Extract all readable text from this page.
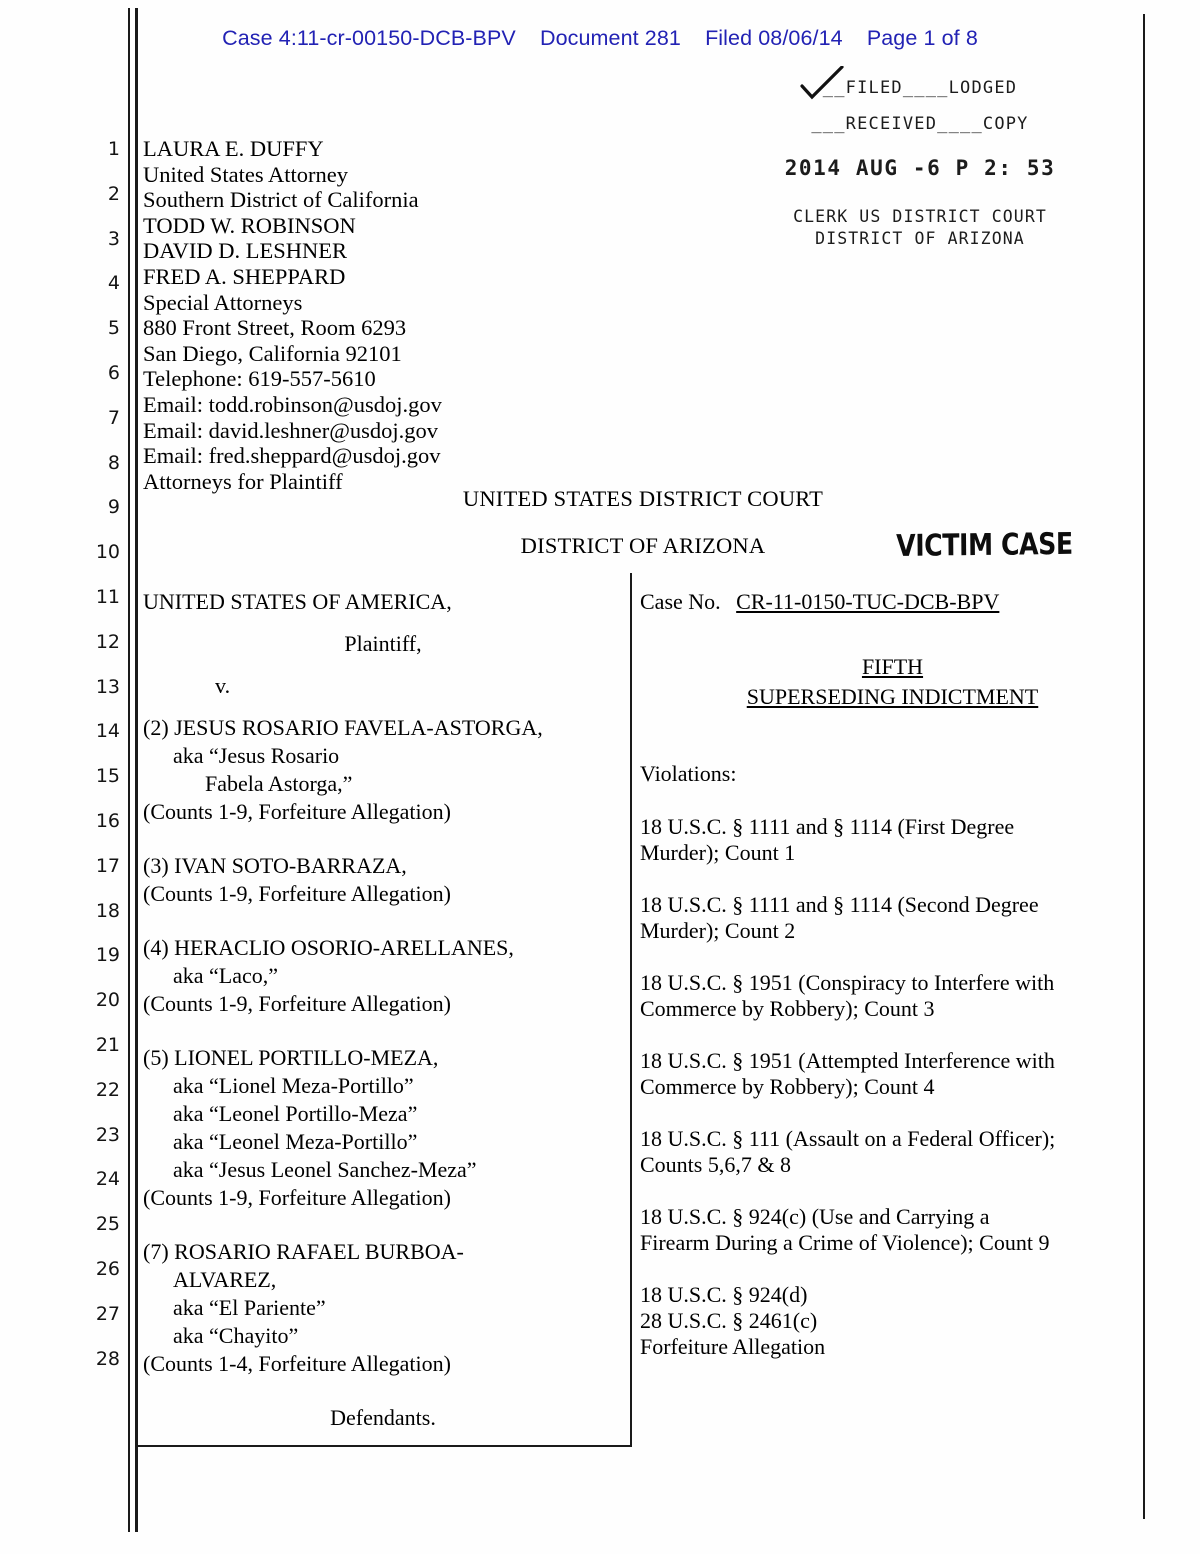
Case 4:11-cr-00150-DCB-BPV Document 281 Filed 08/06/14 Page 1 of 8
1
2
3
4
5
6
7
8
9
10
11
12
13
14
15
16
17
18
19
20
21
22
23
24
25
26
27
28
__FILED____LODGED
___RECEIVED____COPY
2014 AUG -6 P 2: 53
CLERK US DISTRICT COURT
DISTRICT OF ARIZONA
LAURA E. DUFFY
United States Attorney
Southern District of California
TODD W. ROBINSON
DAVID D. LESHNER
FRED A. SHEPPARD
Special Attorneys
880 Front Street, Room 6293
San Diego, California 92101
Telephone: 619-557-5610
Email: todd.robinson@usdoj.gov
Email: david.leshner@usdoj.gov
Email: fred.sheppard@usdoj.gov
Attorneys for Plaintiff
UNITED STATES DISTRICT COURT
DISTRICT OF ARIZONA	VICTIM CASE
UNITED STATES OF AMERICA,
Plaintiff,
v.
(2) JESUS ROSARIO FAVELA-ASTORGA,
aka “Jesus Rosario
Fabela Astorga,”
(Counts 1-9, Forfeiture Allegation)
(3) IVAN SOTO-BARRAZA,
(Counts 1-9, Forfeiture Allegation)
(4) HERACLIO OSORIO-ARELLANES,
aka “Laco,”
(Counts 1-9, Forfeiture Allegation)
(5) LIONEL PORTILLO-MEZA,
aka “Lionel Meza-Portillo”
aka “Leonel Portillo-Meza”
aka “Leonel Meza-Portillo”
aka “Jesus Leonel Sanchez-Meza”
(Counts 1-9, Forfeiture Allegation)
(7) ROSARIO RAFAEL BURBOA-
ALVAREZ,
aka “El Pariente”
aka “Chayito”
(Counts 1-4, Forfeiture Allegation)
Defendants.
Case No. CR-11-0150-TUC-DCB-BPV
FIFTH
SUPERSEDING INDICTMENT
Violations:
18 U.S.C. § 1111 and § 1114 (First Degree
Murder); Count 1
18 U.S.C. § 1111 and § 1114 (Second Degree
Murder); Count 2
18 U.S.C. § 1951 (Conspiracy to Interfere with
Commerce by Robbery); Count 3
18 U.S.C. § 1951 (Attempted Interference with
Commerce by Robbery); Count 4
18 U.S.C. § 111 (Assault on a Federal Officer);
Counts 5,6,7 & 8
18 U.S.C. § 924(c) (Use and Carrying a
Firearm During a Crime of Violence); Count 9
18 U.S.C. § 924(d)
28 U.S.C. § 2461(c)
Forfeiture Allegation
